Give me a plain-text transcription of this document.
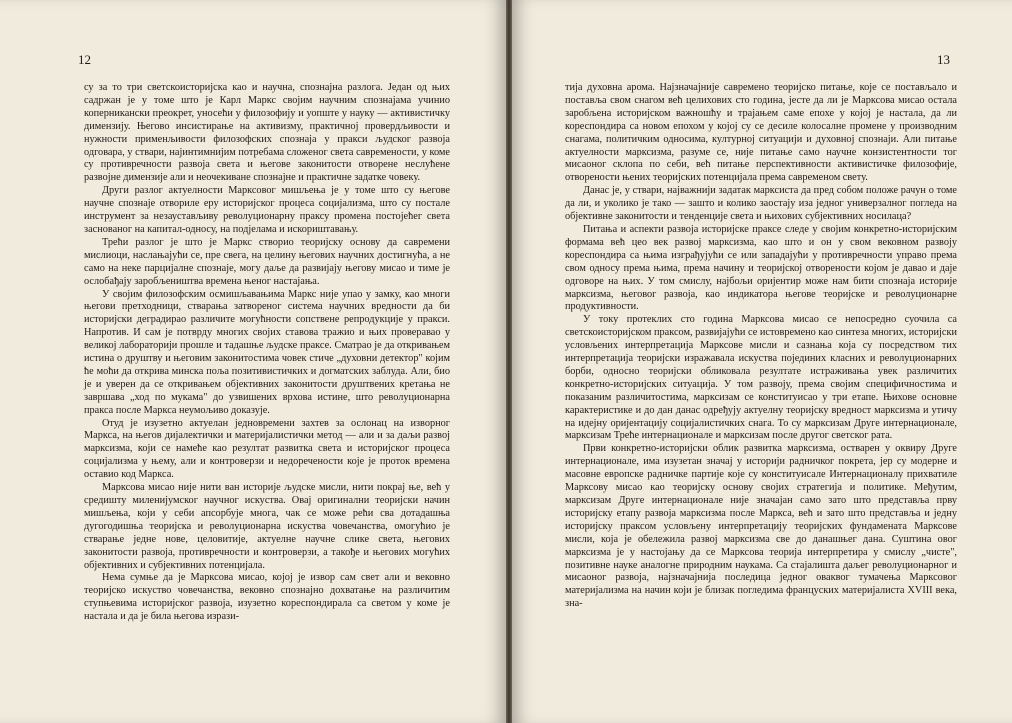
12

су за то три светскоисторијска као и научна, спознајна разлога. Један од њих садржан је у томе што је Карл Маркс својим научним спознајама учинио коперникански преокрет, уносећи у филозофију и уопште у науку — активистичку димензију. Његово инсистирање на активизму, практичној провердљивости и нужности применљивости филозофских спознаја у пракси људског развоја одговара, у ствари, најинтимнијим потребама сложеног света савремености, у коме су противречности развоја света и његове законитости отворене неслућене развојне димензије али и неочекиване спознајне и практичне задатке човеку.

Други разлог актуелности Марксовог мишљења је у томе што су његове научне спознаје отвориле еру историјског процеса социјализма, што су постале инструмент за незаустављиву револуционарну праксу промена постојећег света заснованог на капитал-односу, на подјелама и искориштавању.

Трећи разлог је што је Маркс створио теоријску основу да савремени мислиоци, наслањајући се, пре свега, на целину његових научних достигнућа, а не само на неке парцијалне спознаје, могу даље да развијају његову мисао и тиме је ослобађају заробљеништва времена њеног настајања.

У својим филозофским осмишљавањима Маркс није упао у замку, као многи његови претходници, стварања затвореног система научних вредности да би историјски деградирао различите могућности сопствене репродукције у пракси. Напротив. И сам је потврду многих својих ставова тражио и њих проверавао у великој лабораторији прошле и тадашње људске праксе. Сматрао је да откривањем истина о друштву и његовим законитостима човек стиче „духовни детектор" којим ће моћи да открива минска поља позитивистичких и догматских заблуда. Али, био је и уверен да се откривањем објективних законитости друштвених кретања не завршава „ход по мукама" до узвишених врхова истине, што револуционарна пракса после Маркса неумољиво доказује.

Отуд је изузетно актуелан једновремени захтев за ослонац на изворног Маркса, на његов дијалектички и материјалистички метод — али и за даљи развој марксизма, који се намеће као резултат развитка света и историјског процеса социјализма у њему, али и контроверзи и недоречености које је проток времена оставио код Маркса.

Марксова мисао није нити ван историје људске мисли, нити покрај ње, већ у средишту миленијумског научног искуства. Овај оригинални теоријски начин мишљења, који у себи апсорбује многа, чак се може рећи сва дотадашња дугогодишња теоријска и револуционарна искуства човечанства, омогућио је стварање једне нове, целовитије, актуелне научне слике света, његових законитости развоја, противречности и контроверзи, а такође и његових могућих објективних и субјективних потенцијала.

Нема сумње да је Марксова мисао, којој је извор сам свет али и вековно теоријско искуство човечанства, вековно спознајно дохватање на различитим ступњевима историјског развоја, изузетно кореспондирала са светом у коме је настала и да је била његова изрази-

13

тија духовна арома. Најзначајније савремено теоријско питање, које се постављало и поставља свом снагом већ целихових сто година, јесте да ли је Марксова мисао остала заробљена историјском важношћу и трајањем саме епохе у којој је настала, да ли кореспондира са новом епохом у којој су се десиле колосалне промене у производним снагама, политичким односима, културној ситуацији и духовној спознаји. Али питање актуелности марксизма, разуме се, није питање само научне конзистентности тог мисаоног склопа по себи, већ питање перспективности активистичке филозофије, отворености њених теоријских потенцијала према савременом свету.

Данас је, у ствари, најважнији задатак марксиста да пред собом положе рачун о томе да ли, и уколико је тако — зашто и колико заостају иза једног универзалног погледа на објективне законитости и тенденције света и њихових субјективних носилаца?

Питања и аспекти развоја историјске праксе следе у својим конкретно-историјским формама већ цео век развој марксизма, као што и он у свом вековном развоју кореспондира са њима изграђујући се или западајући у противречности управо према свом односу према њима, према начину и теоријској отворености којом је давао и даје одговоре на њих. У том смислу, најбољи оријентир може нам бити спознаја историје марксизма, његовог развоја, као индикатора његове теоријске и револуционарне продуктивности.

У току протеклих сто година Марксова мисао се непосредно суочила са светскоисторијском праксом, развијајући се истовремено као синтеза многих, историјски условљених интерпретација Марксове мисли и сазнања која су посредством тих интерпретација теоријски изражавала искуства појединих класних и револуционарних борби, односно теоријски обликовала резултате истраживања увек различитих конкретно-историјских ситуација. У том развоју, према својим специфичностима и показаним различитостима, марксизам се конституисао у три етапе. Њихове основне карактеристике и до дан данас одређују актуелну теоријску вредност марксизма и утичу на идејну оријентацију социјалистичких снага. То су марксизам Друге интернационале, марксизам Треће интернационале и марксизам после другог светског рата.

Први конкретно-историјски облик развитка марксизма, остварен у оквиру Друге интернационале, има изузетан значај у историји радничког покрета, јер су модерне и масовне европске радничке партије које су конституисале Интернационалу прихватиле Марксову мисао као теоријску основу својих стратегија и политике. Међутим, марксизам Друге интернационале није значајан само зато што представља прву историјску етапу развоја марксизма после Маркса, већ и зато што представља и једну историјску праксом условљену интерпретацију теоријских фундамената Марксове мисли, која је обележила развој марксизма све до данашњег дана. Суштина овог марксизма је у настојању да се Марксова теорија интерпретира у смислу „чисте", позитивне науке аналогне природним наукама. Са стајалишта даљег револуционарног и мисаоног развоја, најзначајнија последица једног оваквог тумачења Марксовог материјализма на начин који је близак погледима француских материјалиста XVIII века, зна-
